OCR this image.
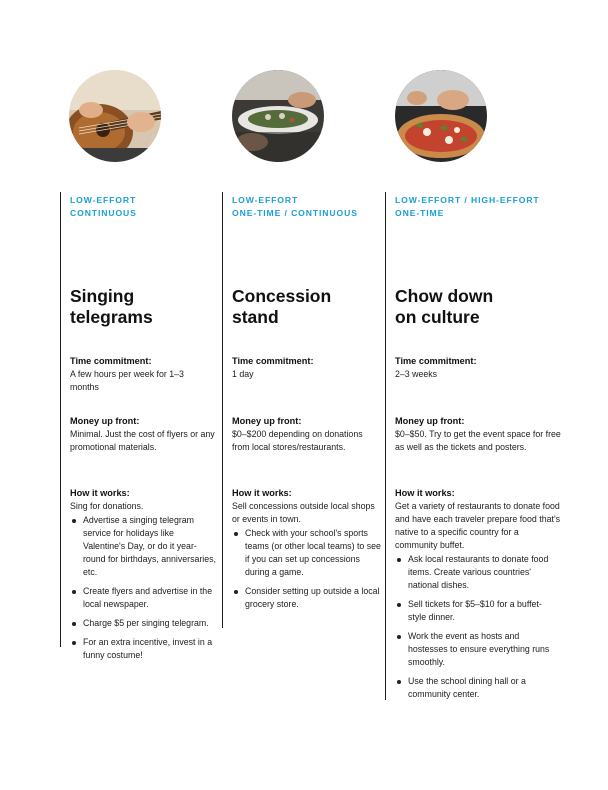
LOW-EFFORT
CONTINUOUS
Singing
telegrams
Time commitment:
A few hours per week for 1–3 months
Money up front:
Minimal. Just the cost of flyers or any promotional materials.
How it works:
Sing for donations.
Advertise a singing telegram service for holidays like Valentine's Day, or do it year-round for birthdays, anniversaries, etc.
Create flyers and advertise in the local newspaper.
Charge $5 per singing telegram.
For an extra incentive, invest in a funny costume!
LOW-EFFORT
ONE-TIME / CONTINUOUS
Concession
stand
Time commitment:
1 day
Money up front:
$0–$200 depending on donations from local stores/restaurants.
How it works:
Sell concessions outside local shops or events in town.
Check with your school's sports teams (or other local teams) to see if you can set up concessions during a game.
Consider setting up outside a local grocery store.
LOW-EFFORT / HIGH-EFFORT
ONE-TIME
Chow down
on culture
Time commitment:
2–3 weeks
Money up front:
$0–$50. Try to get the event space for free as well as the tickets and posters.
How it works:
Get a variety of restaurants to donate food and have each traveler prepare food that's native to a specific country for a community buffet.
Ask local restaurants to donate food items. Create various countries' national dishes.
Sell tickets for $5–$10 for a buffet-style dinner.
Work the event as hosts and hostesses to ensure everything runs smoothly.
Use the school dining hall or a community center.
